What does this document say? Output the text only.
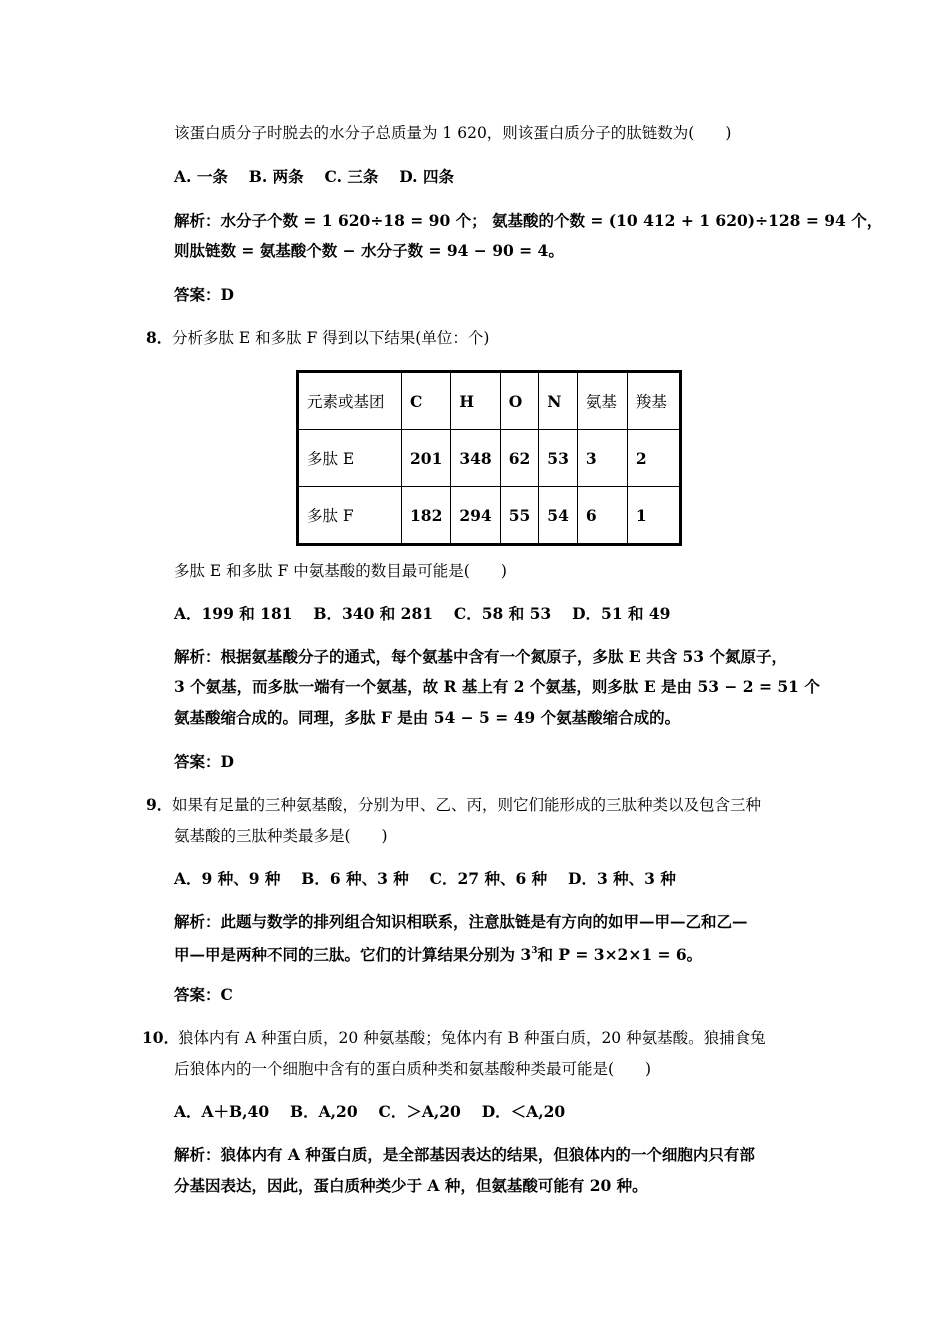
该蛋白质分子时脱去的水分子总质量为 1 620，则该蛋白质分子的肽链数为(　　)
A. 一条　 B. 两条　 C. 三条　 D. 四条
解析：水分子个数 = 1 620÷18 = 90 个； 氨基酸的个数 = (10 412 + 1 620)÷128 = 94 个，
则肽链数 = 氨基酸个数 − 水分子数 = 94 − 90 = 4。
答案：D
8． 分析多肽 E 和多肽 F 得到以下结果(单位：个)
元素或基团	C	H	O	N	氨基	羧基
多肽 E	201	348	62	53	3	2
多肽 F	182	294	55	54	6	1
多肽 E 和多肽 F 中氨基酸的数目最可能是(　　)
A．199 和 181　 B．340 和 281　 C．58 和 53　 D．51 和 49
解析：根据氨基酸分子的通式，每个氨基中含有一个氮原子，多肽 E 共含 53 个氮原子，
3 个氨基，而多肽一端有一个氨基，故 R 基上有 2 个氨基，则多肽 E 是由 53 − 2 = 51 个
氨基酸缩合成的。同理，多肽 F 是由 54 − 5 = 49 个氨基酸缩合成的。
答案：D
9． 如果有足量的三种氨基酸，分别为甲、乙、丙，则它们能形成的三肽种类以及包含三种
氨基酸的三肽种类最多是(　　)
A．9 种、9 种　 B．6 种、3 种　 C．27 种、6 种　 D．3 种、3 种
解析：此题与数学的排列组合知识相联系，注意肽链是有方向的如甲—甲—乙和乙—
甲—甲是两种不同的三肽。它们的计算结果分别为 $3^3$和 P = 3×2×1 = 6。
答案：C
10．
狼体内有 A 种蛋白质，20 种氨基酸；兔体内有 B 种蛋白质，20 种氨基酸。狼捕食兔
后狼体内的一个细胞中含有的蛋白质种类和氨基酸种类最可能是(　　)
A．A＋B,40　 B．A,20　 C．＞A,20　 D．＜A,20
解析：狼体内有 A 种蛋白质，是全部基因表达的结果，但狼体内的一个细胞内只有部
分基因表达，因此，蛋白质种类少于 A 种，但氨基酸可能有 20 种。
